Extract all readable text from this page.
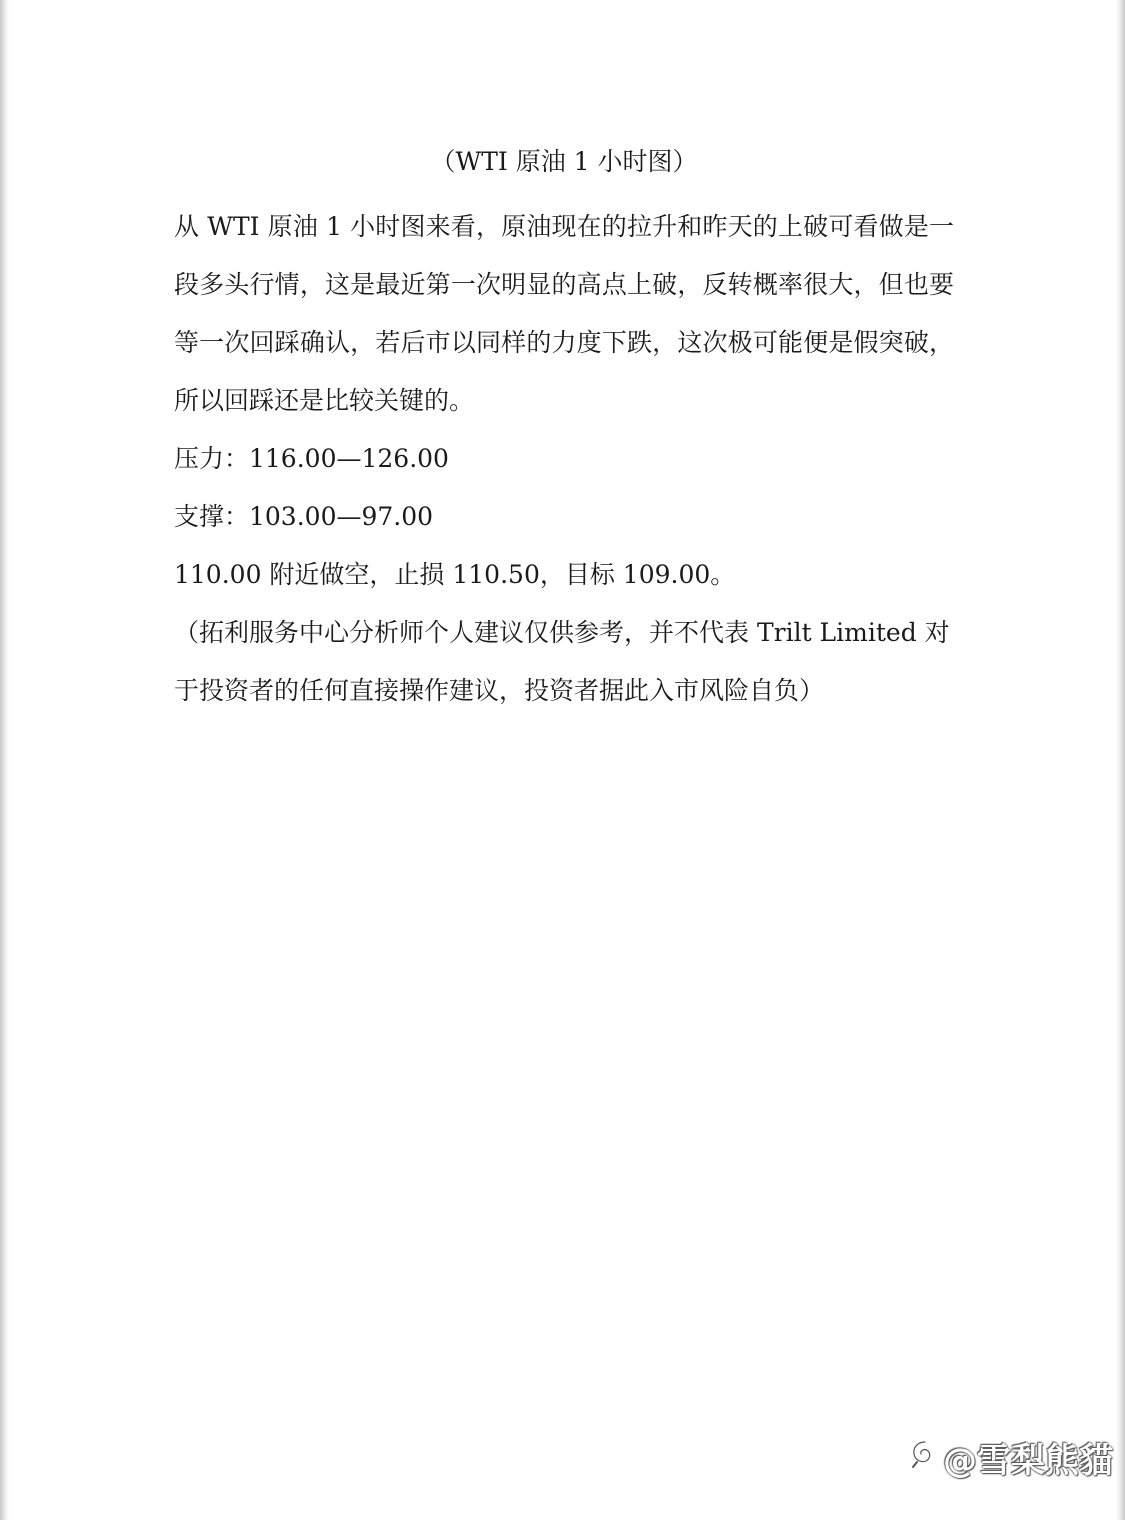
（WTI 原油 1 小时图）

从 WTI 原油 1 小时图来看，原油现在的拉升和昨天的上破可看做是一段多头行情，这是最近第一次明显的高点上破，反转概率很大，但也要等一次回踩确认，若后市以同样的力度下跌，这次极可能便是假突破，所以回踩还是比较关键的。

压力：116.00—126.00

支撑：103.00—97.00

110.00 附近做空，止损 110.50，目标 109.00。

（拓利服务中心分析师个人建议仅供参考，并不代表 Trilt Limited 对于投资者的任何直接操作建议，投资者据此入市风险自负）

@雪梨熊貓
